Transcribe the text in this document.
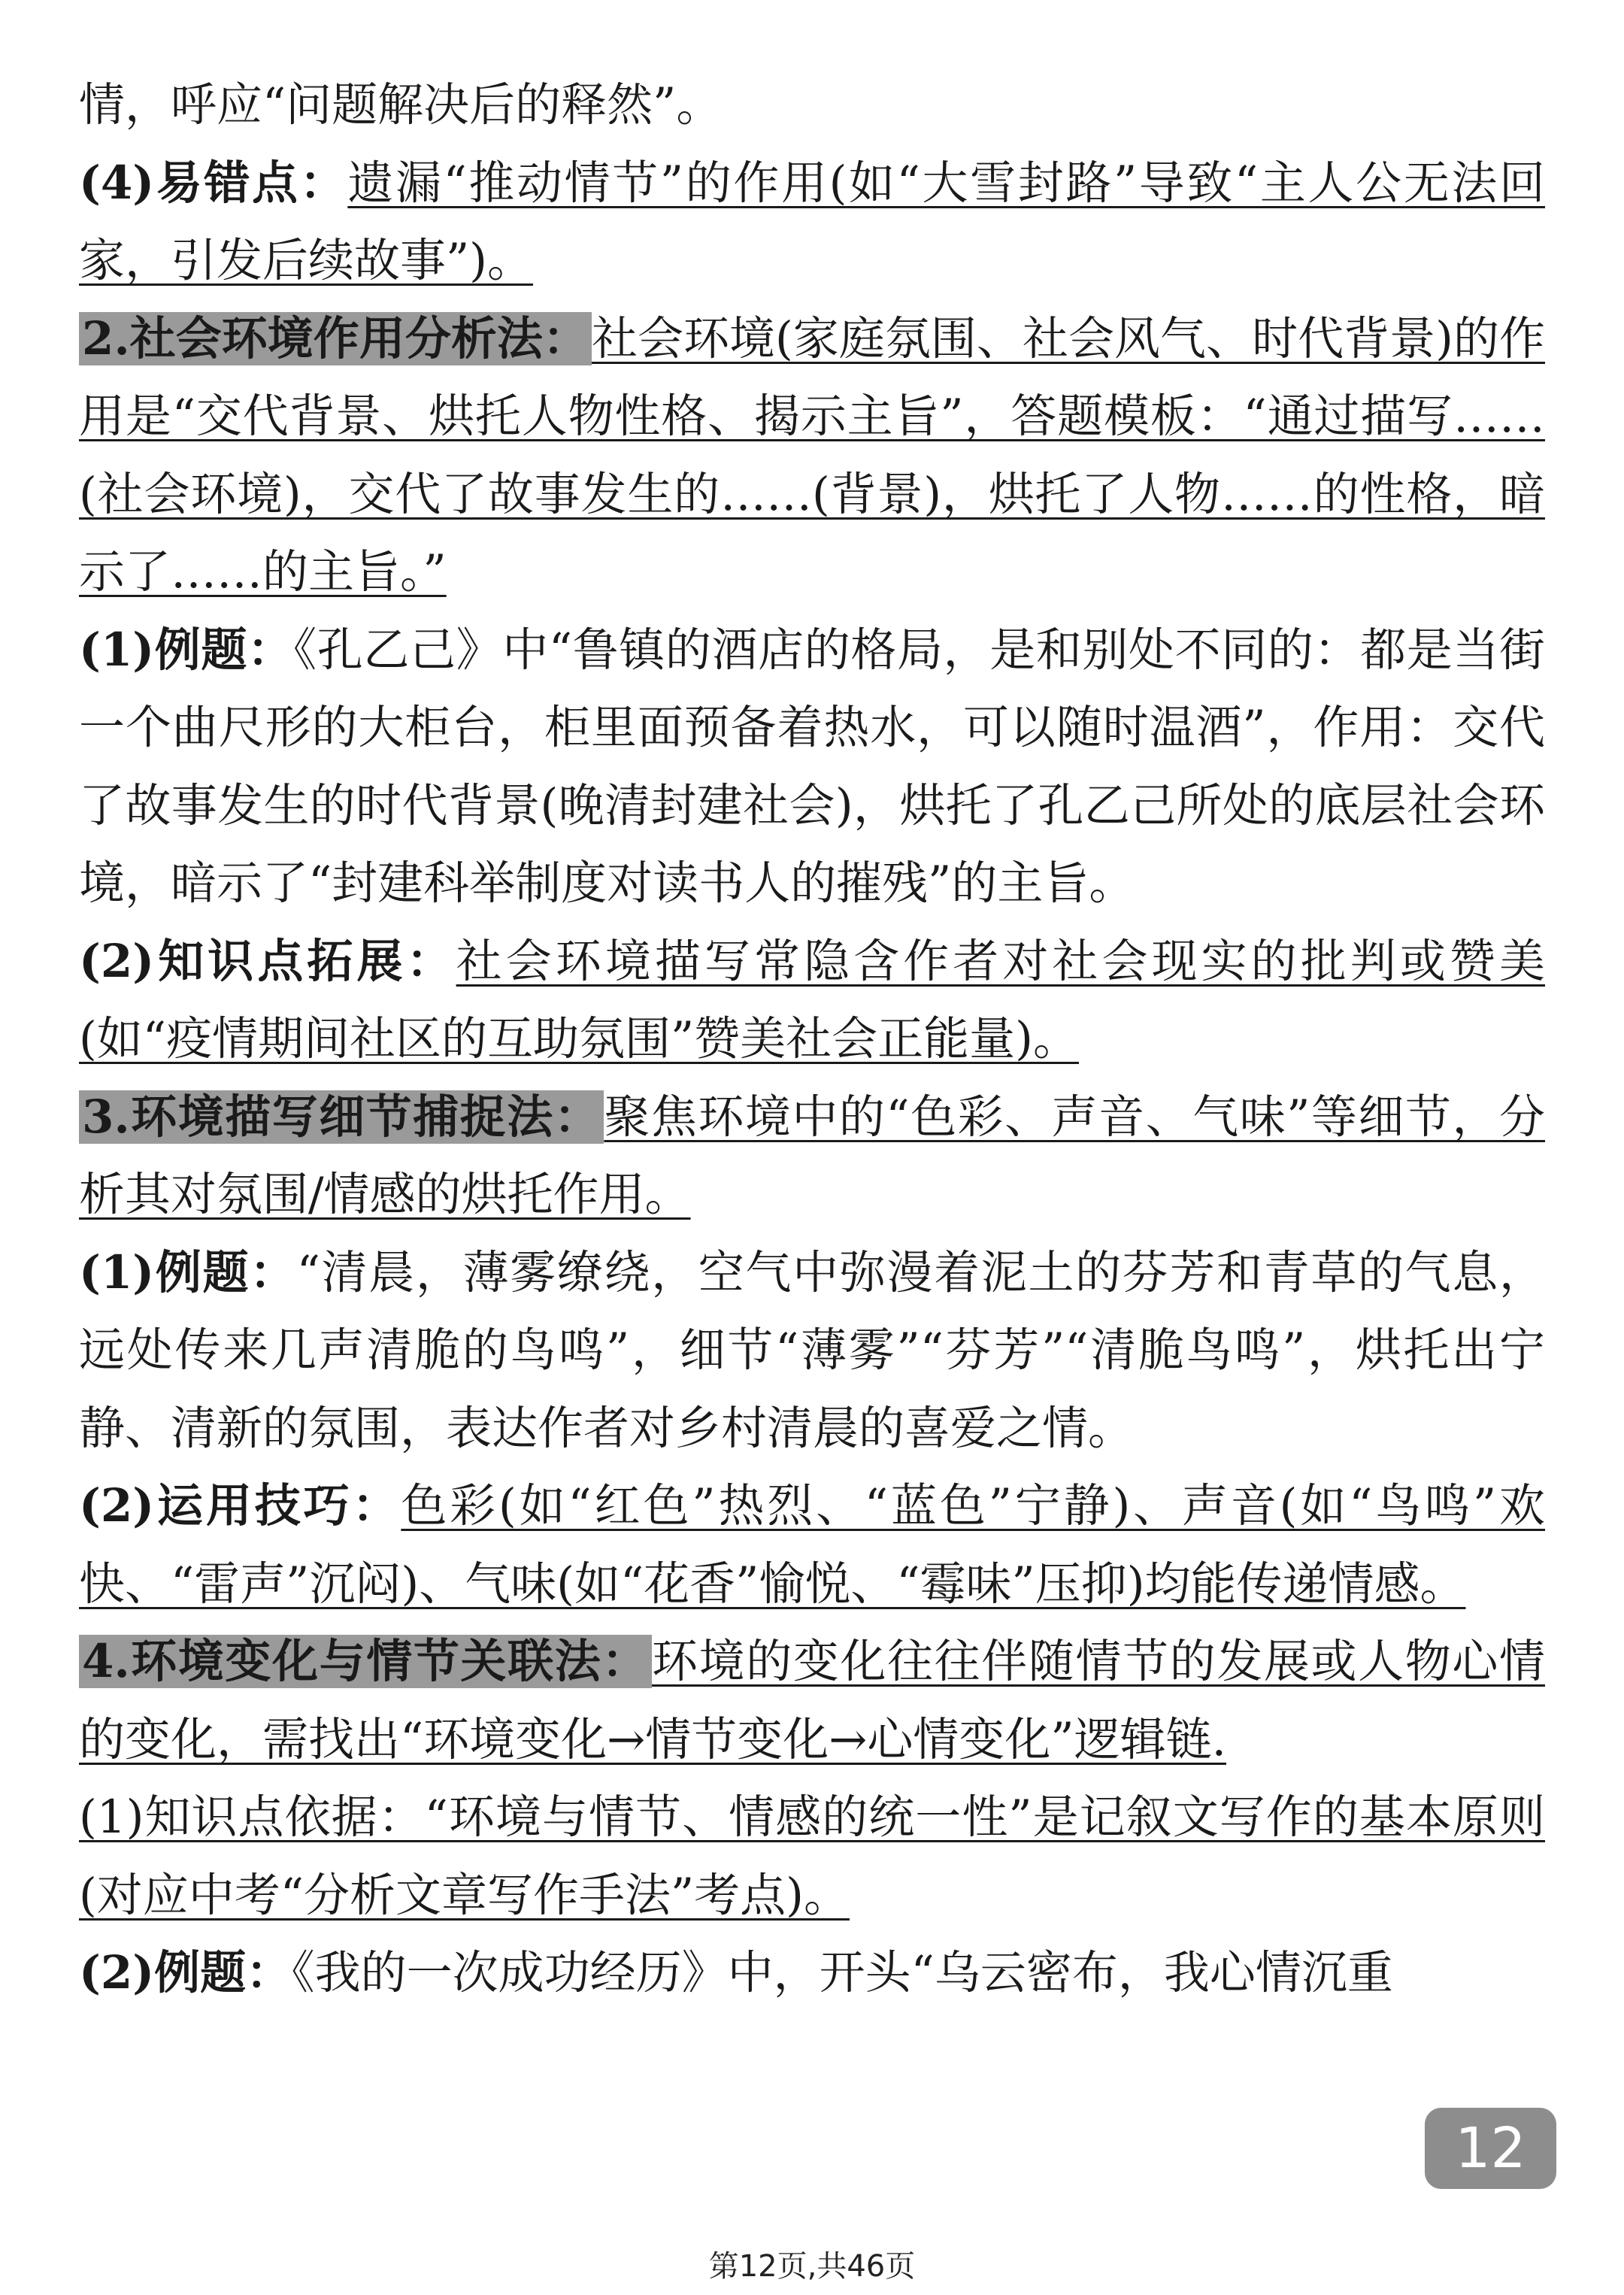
情，呼应“问题解决后的释然”。

(4)易错点：遗漏“推动情节”的作用(如“大雪封路”导致“主人公无法回家，引发后续故事”)。

2.社会环境作用分析法：社会环境(家庭氛围、社会风气、时代背景)的作用是“交代背景、烘托人物性格、揭示主旨”，答题模板：“通过描写……(社会环境)，交代了故事发生的……(背景)，烘托了人物……的性格，暗示了……的主旨。”

(1)例题：《孔乙己》中“鲁镇的酒店的格局，是和别处不同的：都是当街一个曲尺形的大柜台，柜里面预备着热水，可以随时温酒”，作用：交代了故事发生的时代背景(晚清封建社会)，烘托了孔乙己所处的底层社会环境，暗示了“封建科举制度对读书人的摧残”的主旨。

(2)知识点拓展：社会环境描写常隐含作者对社会现实的批判或赞美(如“疫情期间社区的互助氛围”赞美社会正能量)。

3.环境描写细节捕捉法：聚焦环境中的“色彩、声音、气味”等细节，分析其对氛围/情感的烘托作用。

(1)例题：“清晨，薄雾缭绕，空气中弥漫着泥土的芬芳和青草的气息，远处传来几声清脆的鸟鸣”，细节“薄雾”“芬芳”“清脆鸟鸣”，烘托出宁静、清新的氛围，表达作者对乡村清晨的喜爱之情。

(2)运用技巧：色彩(如“红色”热烈、“蓝色”宁静)、声音(如“鸟鸣”欢快、“雷声”沉闷)、气味(如“花香”愉悦、“霉味”压抑)均能传递情感。

4.环境变化与情节关联法：环境的变化往往伴随情节的发展或人物心情的变化，需找出“环境变化→情节变化→心情变化”逻辑链.

(1)知识点依据：“环境与情节、情感的统一性”是记叙文写作的基本原则(对应中考“分析文章写作手法”考点)。

(2)例题：《我的一次成功经历》中，开头“乌云密布，我心情沉重

12
第12页,共46页
